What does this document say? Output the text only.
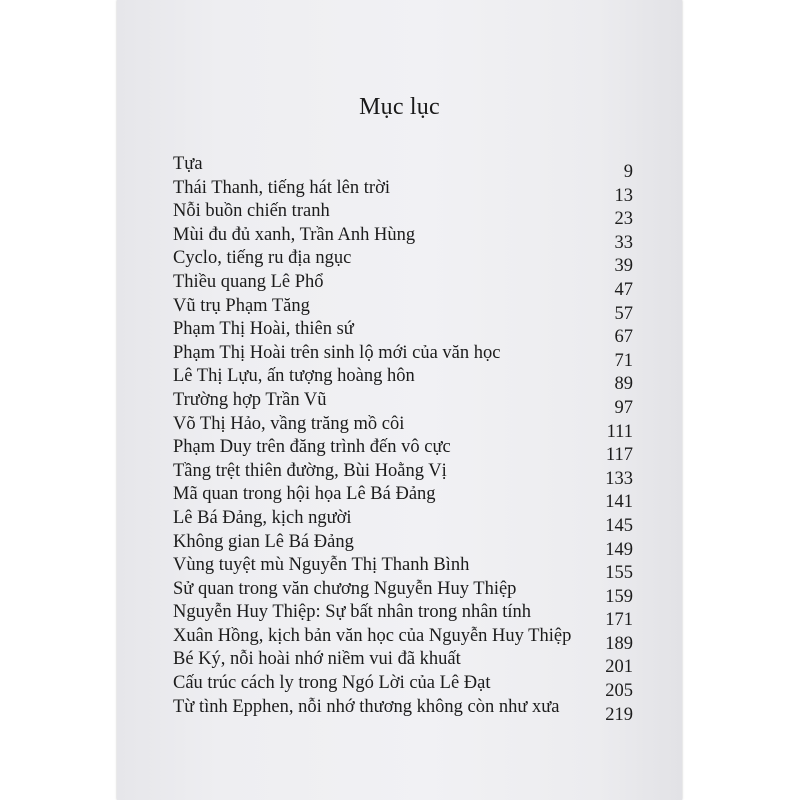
Mục lục
Tựa	9
Thái Thanh, tiếng hát lên trời	13
Nỗi buồn chiến tranh	23
Mùi đu đủ xanh, Trần Anh Hùng	33
Cyclo, tiếng ru địa ngục	39
Thiều quang Lê Phổ	47
Vũ trụ Phạm Tăng	57
Phạm Thị Hoài, thiên sứ	67
Phạm Thị Hoài trên sinh lộ mới của văn học	71
Lê Thị Lựu, ấn tượng hoàng hôn	89
Trường hợp Trần Vũ	97
Võ Thị Hảo, vầng trăng mồ côi	111
Phạm Duy trên đăng trình đến vô cực	117
Tầng trệt thiên đường, Bùi Hoằng Vị	133
Mã quan trong hội họa Lê Bá Đảng	141
Lê Bá Đảng, kịch người	145
Không gian Lê Bá Đảng	149
Vùng tuyệt mù Nguyễn Thị Thanh Bình	155
Sử quan trong văn chương Nguyễn Huy Thiệp	159
Nguyễn Huy Thiệp: Sự bất nhân trong nhân tính	171
Xuân Hồng, kịch bản văn học của Nguyễn Huy Thiệp 189
Bé Ký, nỗi hoài nhớ niềm vui đã khuất	201
Cấu trúc cách ly trong Ngó Lời của Lê Đạt	205
Từ tình Epphen, nỗi nhớ thương không còn như xưa 219
